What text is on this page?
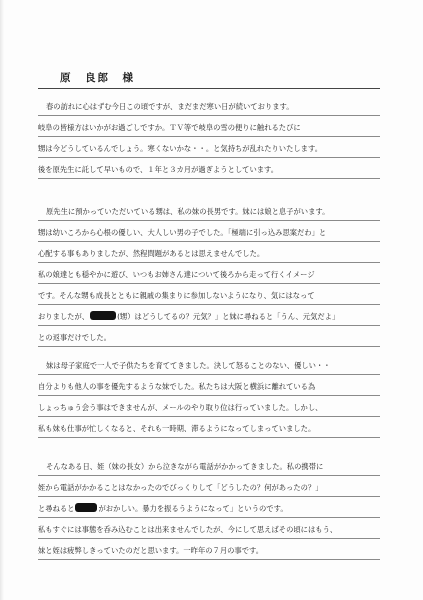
原　良郎　様
春の訪れに心はずむ今日この頃ですが、まだまだ寒い日が続いております。
岐阜の皆様方はいかがお過ごしですか。ＴＶ等で岐阜の雪の便りに触れるたびに
甥は今どうしているんでしょう。寒くないかな・・。と気持ちが乱れたりいたします。
後を原先生に託して早いもので、１年と３カ月が過ぎようとしています。
原先生に預かっていただいている甥は、私の妹の長男です。妹には娘と息子がいます。
甥は幼いころから心根の優しい、大人しい男の子でした。「極端に引っ込み思案だわ」と
心配する事もありましたが、然程問題があるとは思えませんでした。
私の娘達とも穏やかに遊び、いつもお姉さん達について後ろから走って行くイメージ
です。そんな甥も成長とともに親戚の集まりに参加しないようになり、気にはなって
おりましたが、	(甥）はどうしてるの？元気？」と妹に尋ねると「うん、元気だよ」
との返事だけでした。
妹は母子家庭で一人で子供たちを育ててきました。決して怒ることのない、優しい・・
自分よりも他人の事を優先するような妹でした。私たちは大阪と横浜に離れている為
しょっちゅう会う事はできませんが、メールのやり取り位は行っていました。しかし、
私も妹も仕事が忙しくなると、それも一時期、滞るようになってしまっていました。
そんなある日、姪（妹の長女）から泣きながら電話がかかってきました。私の携帯に
姪から電話がかかることはなかったのでびっくりして「どうしたの？何があったの？」
と尋ねると	がおかしい。暴力を振るうようになって」というのです。
私もすぐには事態を呑み込むことは出来ませんでしたが、今にして思えばその頃にはもう、
妹と姪は疲弊しきっていたのだと思います。一昨年の７月の事です。
